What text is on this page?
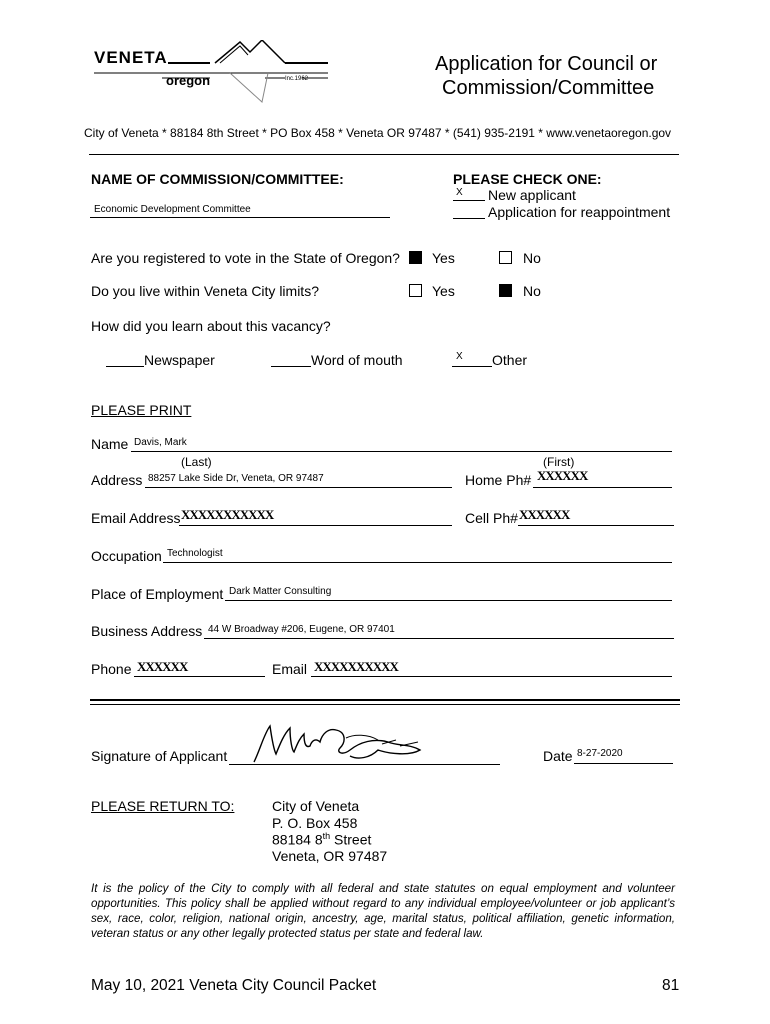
VENETA
oregon	Inc.1962
Application for Council or
Commission/Committee
City of Veneta * 88184 8th Street * PO Box 458 * Veneta OR 97487 * (541) 935-2191 * www.venetaoregon.gov
NAME OF COMMISSION/COMMITTEE:
Economic Development Committee
PLEASE CHECK ONE:
X New applicant
Application for reappointment
Are you registered to vote in the State of Oregon? Yes	No
Do you live within Veneta City limits?	Yes	No
How did you learn about this vacancy?
Newspaper	Word of mouth	X Other
PLEASE PRINT
Name Davis, Mark
(Last)	(First)
Address 88257 Lake Side Dr, Veneta, OR 97487	Home Ph# XXXXXX
Email Address XXXXXXXXXXX	Cell Ph# XXXXXX
Occupation Technologist
Place of Employment Dark Matter Consulting
Business Address 44 W Broadway #206, Eugene, OR 97401
Phone XXXXXX	Email XXXXXXXXXX
Signature of Applicant	Date 8-27-2020
PLEASE RETURN TO:	City of Veneta
P. O. Box 458
88184 8th Street
Veneta, OR 97487
It is the policy of the City to comply with all federal and state statutes on equal employment and volunteer opportunities. This policy shall be applied without regard to any individual employee/volunteer or job applicant’s sex, race, color, religion, national origin, ancestry, age, marital status, political affiliation, genetic information, veteran status or any other legally protected status per state and federal law.
May 10, 2021 Veneta City Council Packet	81
